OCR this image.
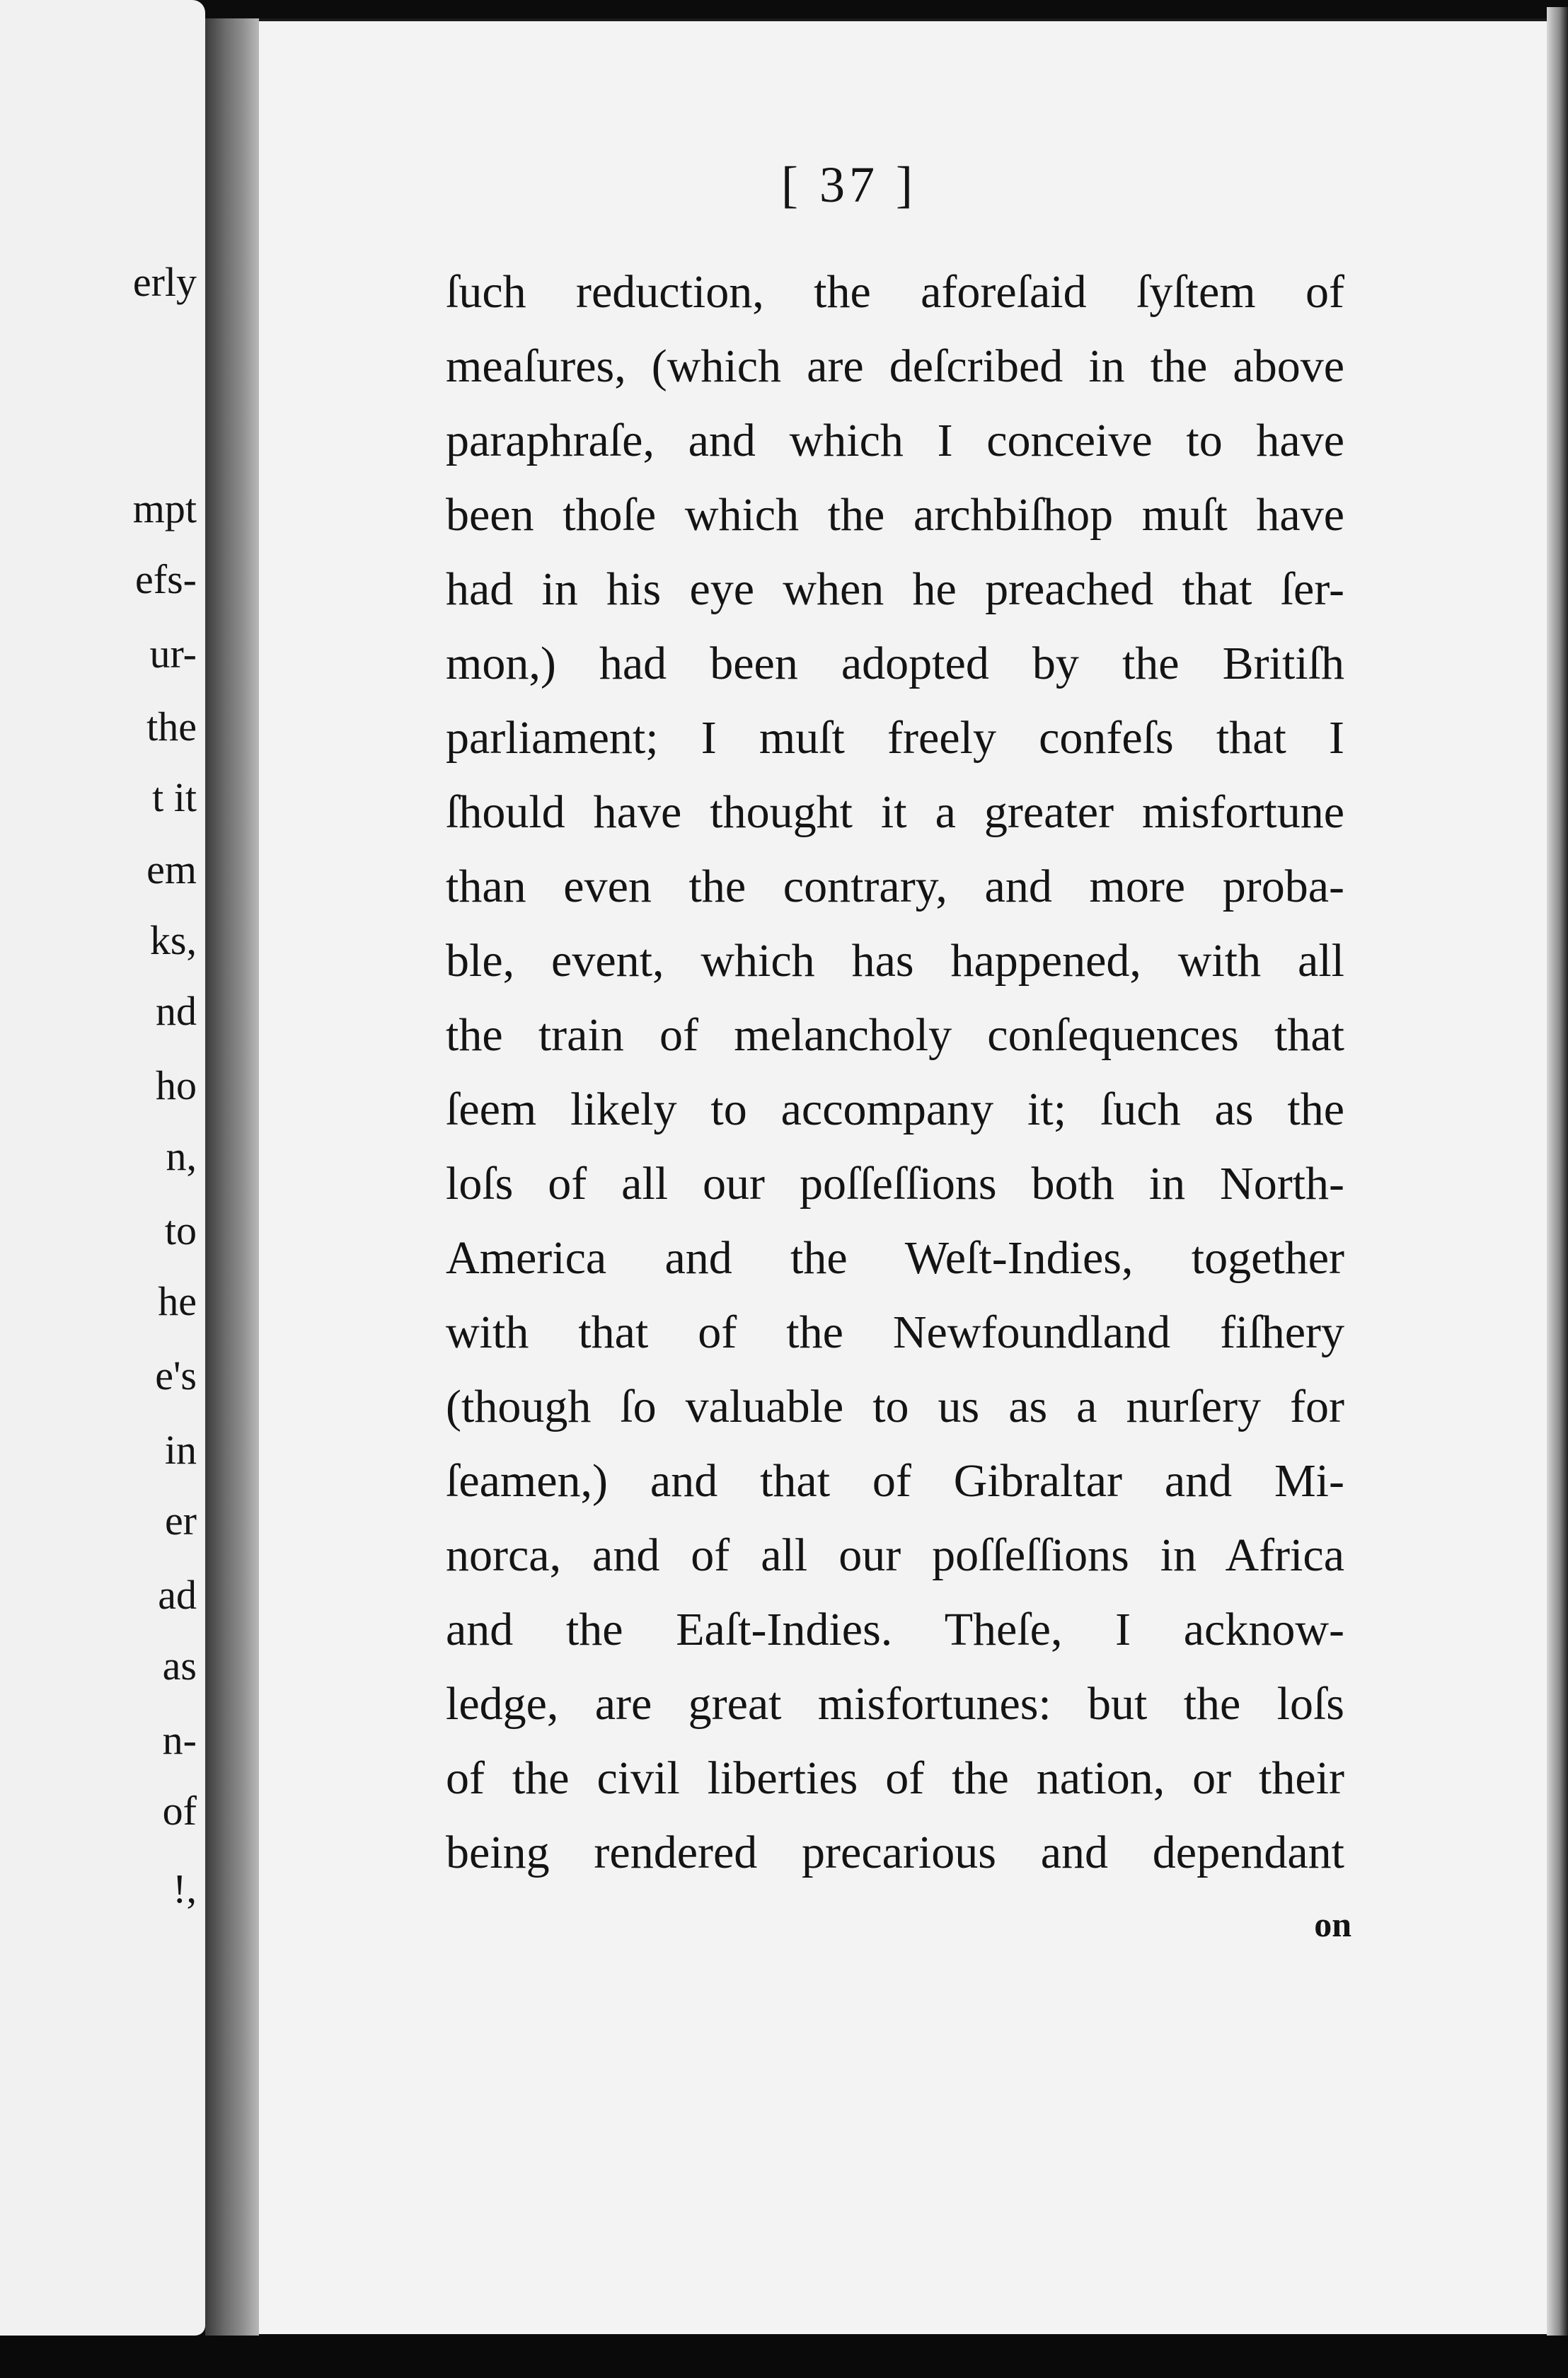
erly
mpt
efs-
ur-
the
t it
em
ks,
nd
ho
n,
to
he
e's
in
er
ad
as
n-
of
!,
[ 37 ]
ſuch reduction, the aforeſaid ſyſtem of
meaſures, (which are deſcribed in the above
paraphraſe, and which I conceive to have
been thoſe which the archbiſhop muſt have
had in his eye when he preached that ſer-
mon,) had been adopted by the Britiſh
parliament; I muſt freely confeſs that I
ſhould have thought it a greater misfortune
than even the contrary, and more proba-
ble, event, which has happened, with all
the train of melancholy conſequences that
ſeem likely to accompany it; ſuch as the
loſs of all our poſſeſſions both in North-
America and the Weſt-Indies, together
with that of the Newfoundland fiſhery
(though ſo valuable to us as a nurſery for
ſeamen,) and that of Gibraltar and Mi-
norca, and of all our poſſeſſions in Africa
and the Eaſt-Indies. Theſe, I acknow-
ledge, are great misfortunes: but the loſs
of the civil liberties of the nation, or their
being rendered precarious and dependant
on
